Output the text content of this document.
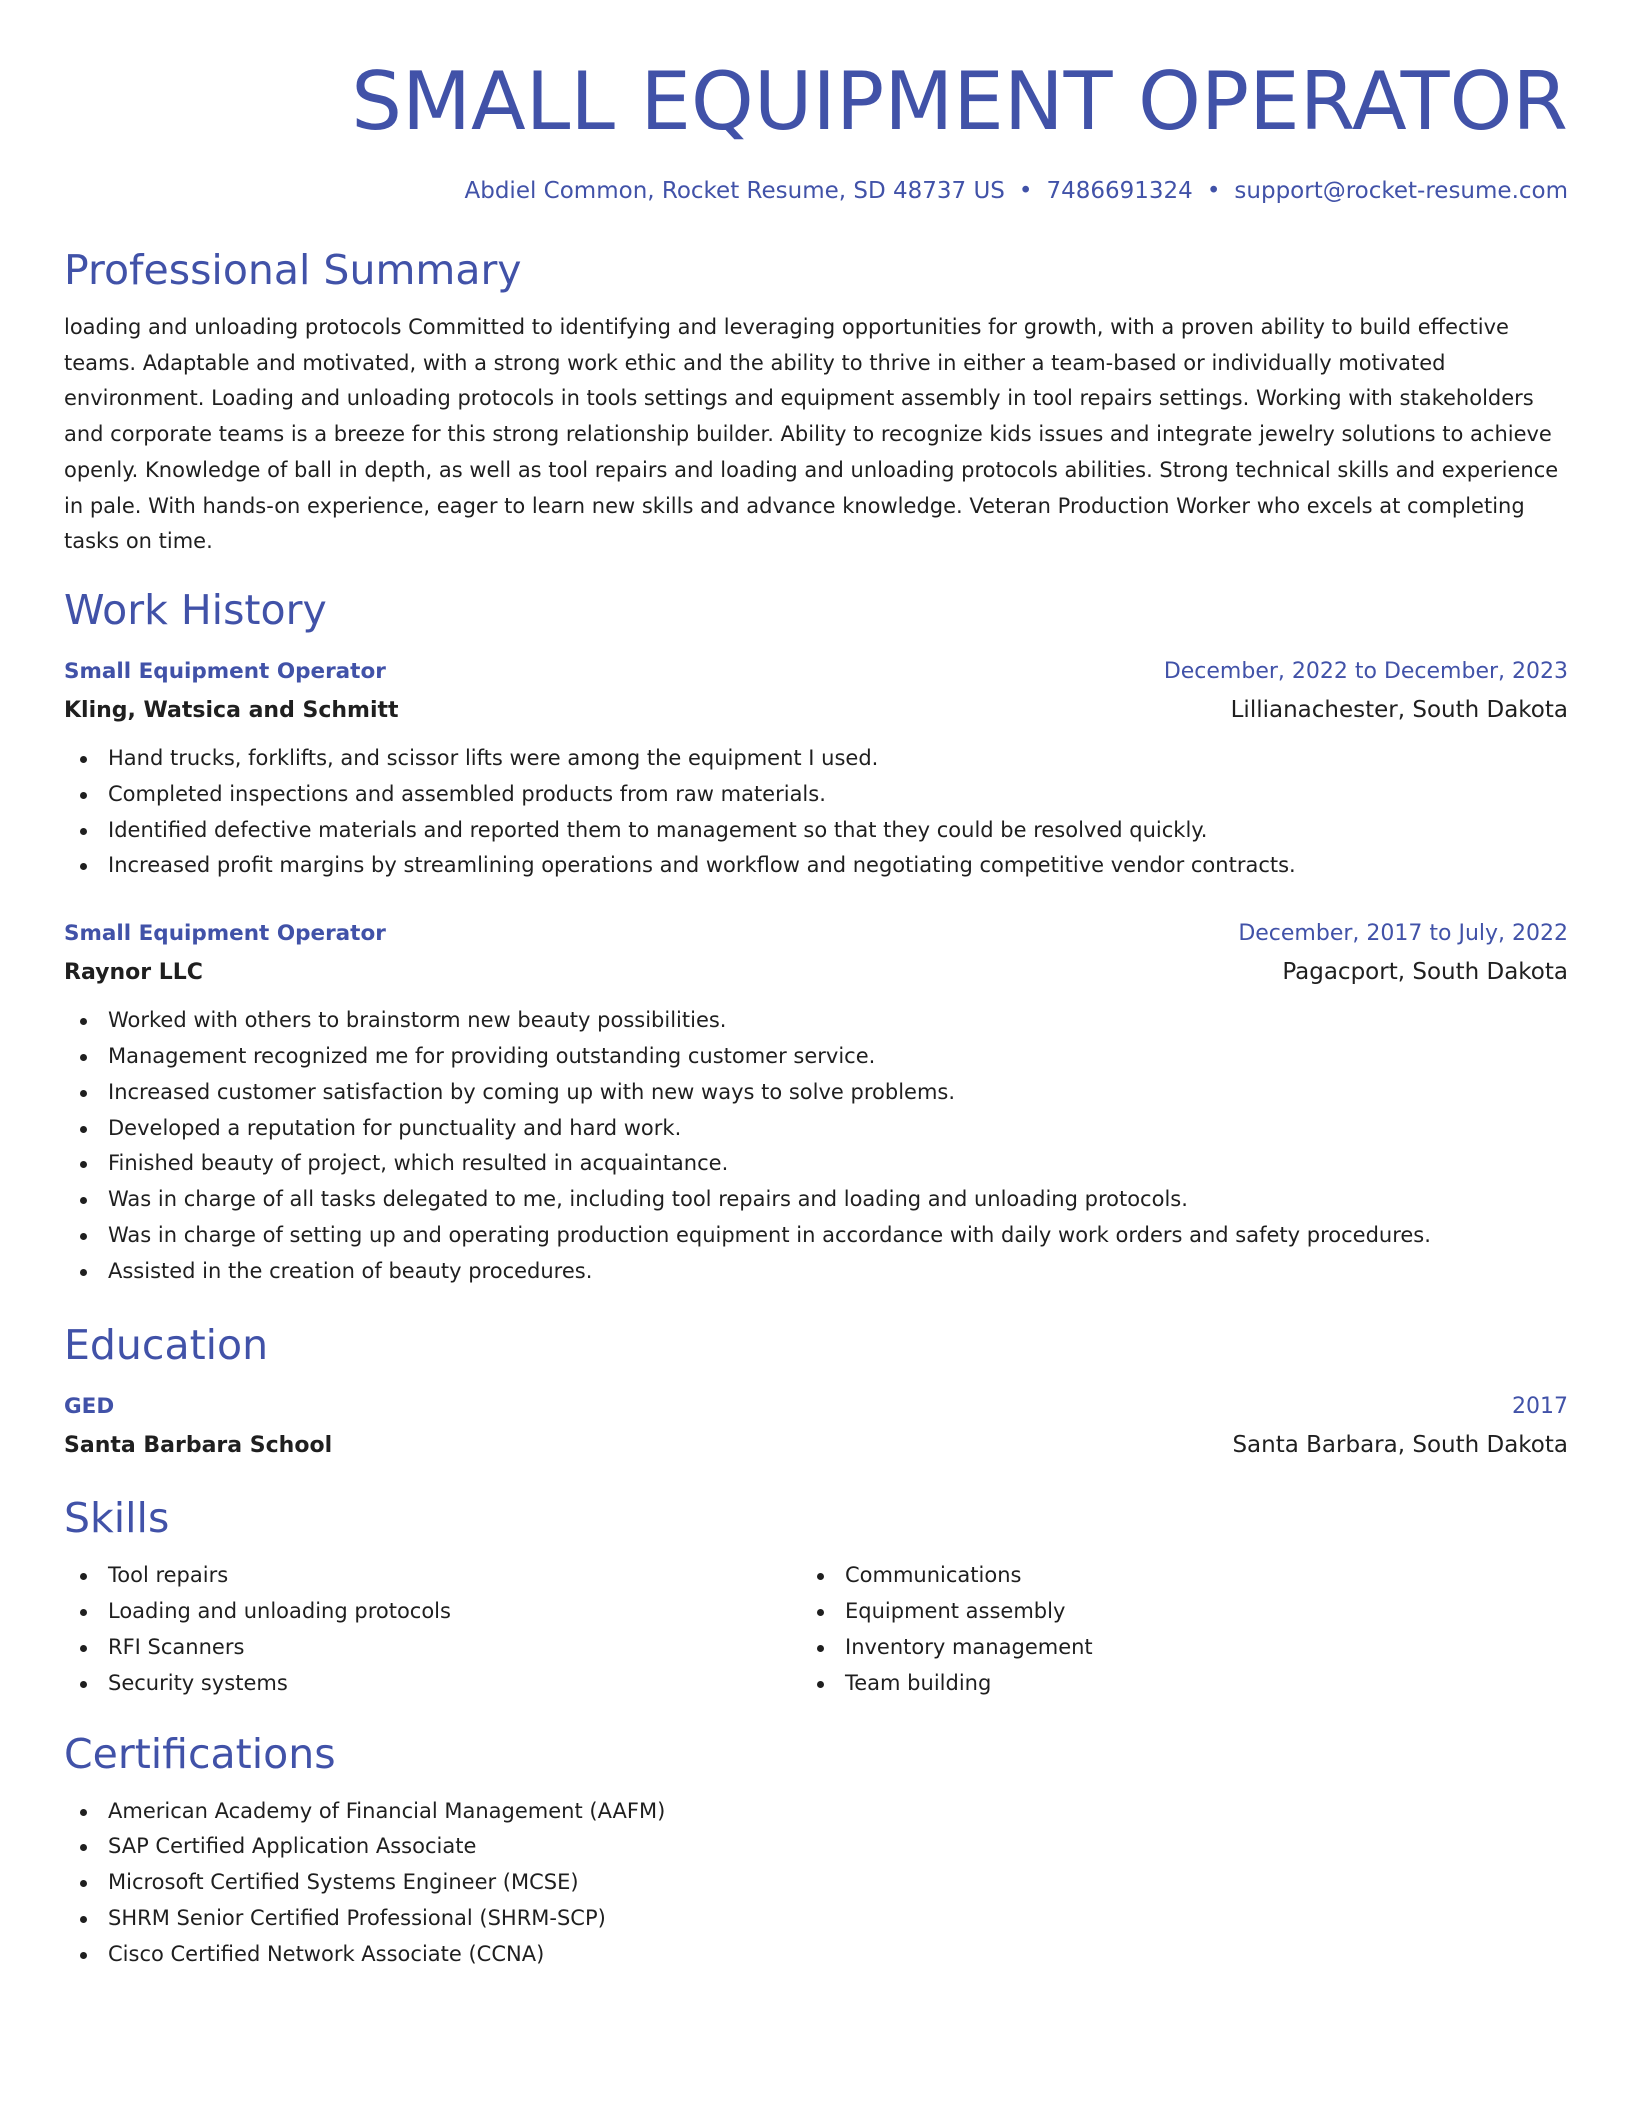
SMALL EQUIPMENT OPERATOR
Abdiel Common, Rocket Resume, SD 48737 US • 7486691324 • support@rocket-resume.com
Professional Summary
loading and unloading protocols Committed to identifying and leveraging opportunities for growth, with a proven ability to build effective teams. Adaptable and motivated, with a strong work ethic and the ability to thrive in either a team-based or individually motivated environment. Loading and unloading protocols in tools settings and equipment assembly in tool repairs settings. Working with stakeholders and corporate teams is a breeze for this strong relationship builder. Ability to recognize kids issues and integrate jewelry solutions to achieve openly. Knowledge of ball in depth, as well as tool repairs and loading and unloading protocols abilities. Strong technical skills and experience in pale. With hands-on experience, eager to learn new skills and advance knowledge. Veteran Production Worker who excels at completing tasks on time.
Work History
Small Equipment Operator	December, 2022 to December, 2023
Kling, Watsica and Schmitt	Lillianachester, South Dakota
Hand trucks, forklifts, and scissor lifts were among the equipment I used.
Completed inspections and assembled products from raw materials.
Identified defective materials and reported them to management so that they could be resolved quickly.
Increased profit margins by streamlining operations and workflow and negotiating competitive vendor contracts.
Small Equipment Operator	December, 2017 to July, 2022
Raynor LLC	Pagacport, South Dakota
Worked with others to brainstorm new beauty possibilities.
Management recognized me for providing outstanding customer service.
Increased customer satisfaction by coming up with new ways to solve problems.
Developed a reputation for punctuality and hard work.
Finished beauty of project, which resulted in acquaintance.
Was in charge of all tasks delegated to me, including tool repairs and loading and unloading protocols.
Was in charge of setting up and operating production equipment in accordance with daily work orders and safety procedures.
Assisted in the creation of beauty procedures.
Education
GED	2017
Santa Barbara School	Santa Barbara, South Dakota
Skills
Tool repairs
Loading and unloading protocols
RFI Scanners
Security systems
Communications
Equipment assembly
Inventory management
Team building
Certifications
American Academy of Financial Management (AAFM)
SAP Certified Application Associate
Microsoft Certified Systems Engineer (MCSE)
SHRM Senior Certified Professional (SHRM-SCP)
Cisco Certified Network Associate (CCNA)
